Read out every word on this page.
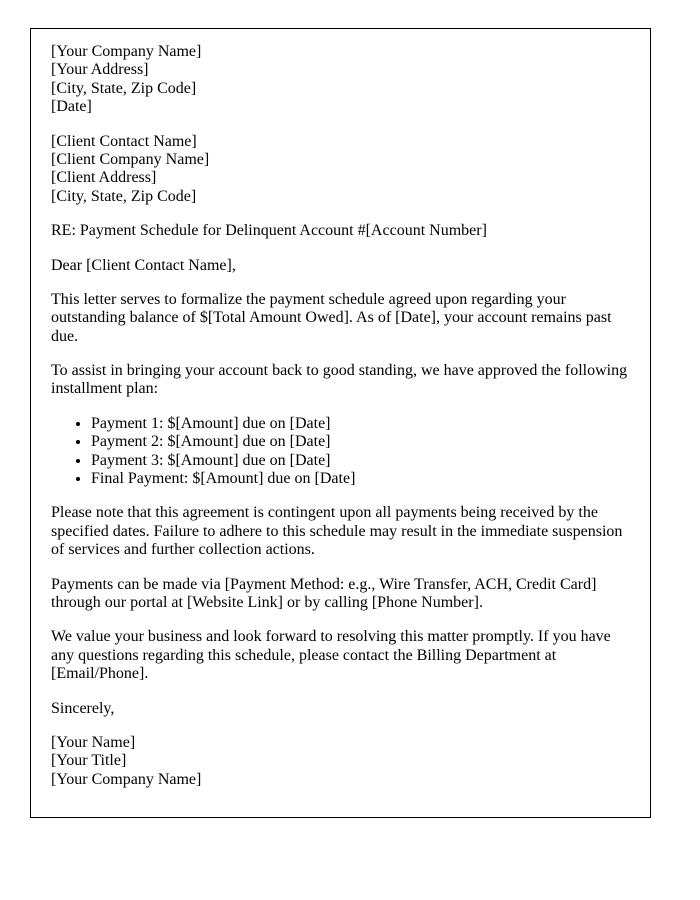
[Your Company Name]
[Your Address]
[City, State, Zip Code]
[Date]
[Client Contact Name]
[Client Company Name]
[Client Address]
[City, State, Zip Code]

RE: Payment Schedule for Delinquent Account #[Account Number]

Dear [Client Contact Name],

This letter serves to formalize the payment schedule agreed upon regarding your outstanding balance of $[Total Amount Owed]. As of [Date], your account remains past due.

To assist in bringing your account back to good standing, we have approved the following installment plan:

• Payment 1: $[Amount] due on [Date]
• Payment 2: $[Amount] due on [Date]
• Payment 3: $[Amount] due on [Date]
• Final Payment: $[Amount] due on [Date]

Please note that this agreement is contingent upon all payments being received by the specified dates. Failure to adhere to this schedule may result in the immediate suspension of services and further collection actions.

Payments can be made via [Payment Method: e.g., Wire Transfer, ACH, Credit Card] through our portal at [Website Link] or by calling [Phone Number].

We value your business and look forward to resolving this matter promptly. If you have any questions regarding this schedule, please contact the Billing Department at [Email/Phone].

Sincerely,

[Your Name]
[Your Title]
[Your Company Name]
